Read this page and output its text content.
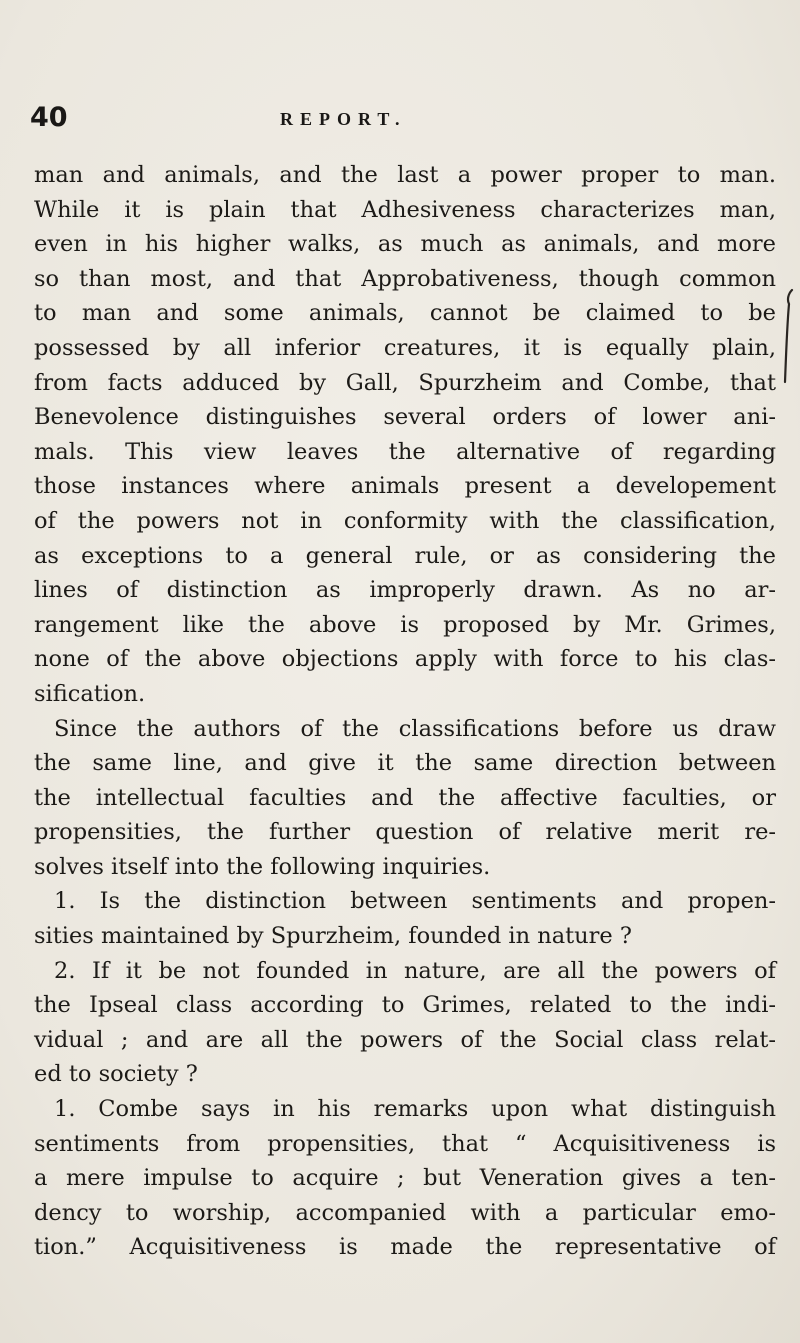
40	REPORT.
man and animals, and the last a power proper to man.
While it is plain that Adhesiveness characterizes man,
even in his higher walks, as much as animals, and more
so than most, and that Approbativeness, though common
to man and some animals, cannot be claimed to be
possessed by all inferior creatures, it is equally plain,
from facts adduced by Gall, Spurzheim and Combe, that
Benevolence distinguishes several orders of lower ani-
mals. This view leaves the alternative of regarding
those instances where animals present a developement
of the powers not in conformity with the classification,
as exceptions to a general rule, or as considering the
lines of distinction as improperly drawn. As no ar-
rangement like the above is proposed by Mr. Grimes,
none of the above objections apply with force to his clas-
sification.
Since the authors of the classifications before us draw
the same line, and give it the same direction between
the intellectual faculties and the affective faculties, or
propensities, the further question of relative merit re-
solves itself into the following inquiries.
1. Is the distinction between sentiments and propen-
sities maintained by Spurzheim, founded in nature ?
2. If it be not founded in nature, are all the powers of
the Ipseal class according to Grimes, related to the indi-
vidual ; and are all the powers of the Social class relat-
ed to society ?
1. Combe says in his remarks upon what distinguish
sentiments from propensities, that “ Acquisitiveness is
a mere impulse to acquire ; but Veneration gives a ten-
dency to worship, accompanied with a particular emo-
tion.” Acquisitiveness is made the representative of
